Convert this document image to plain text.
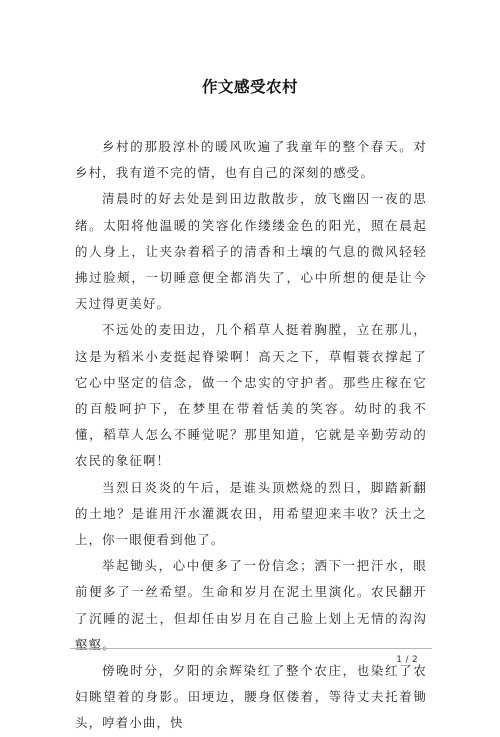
作文感受农村

乡村的那股淳朴的暖风吹遍了我童年的整个春天。对乡村，我有道不完的情，也有自己的深刻的感受。

清晨时的好去处是到田边散散步，放飞幽囚一夜的思绪。太阳将他温暖的笑容化作缕缕金色的阳光，照在晨起的人身上，让夹杂着稻子的清香和土壤的气息的微风轻轻拂过脸颊，一切睡意便全都消失了，心中所想的便是让今天过得更美好。

不远处的麦田边，几个稻草人挺着胸膛，立在那儿，这是为稻米小麦挺起脊梁啊！高天之下，草帽蓑衣撑起了它心中坚定的信念，做一个忠实的守护者。那些庄稼在它的百般呵护下，在梦里在带着恬美的笑容。幼时的我不懂，稻草人怎么不睡觉呢？那里知道，它就是辛勤劳动的农民的象征啊！

当烈日炎炎的午后，是谁头顶燃烧的烈日，脚踏新翻的土地？是谁用汗水灌溉农田，用希望迎来丰收？沃土之上，你一眼便看到他了。

举起锄头，心中便多了一份信念；洒下一把汗水，眼前便多了一丝希望。生命和岁月在泥土里演化。农民翻开了沉睡的泥土，但却任由岁月在自己脸上划上无情的沟沟壑壑。

傍晚时分，夕阳的余辉染红了整个农庄，也染红了农妇眺望着的身影。田埂边，腰身伛偻着，等待丈夫托着锄头，哼着小曲，快

1 / 2
